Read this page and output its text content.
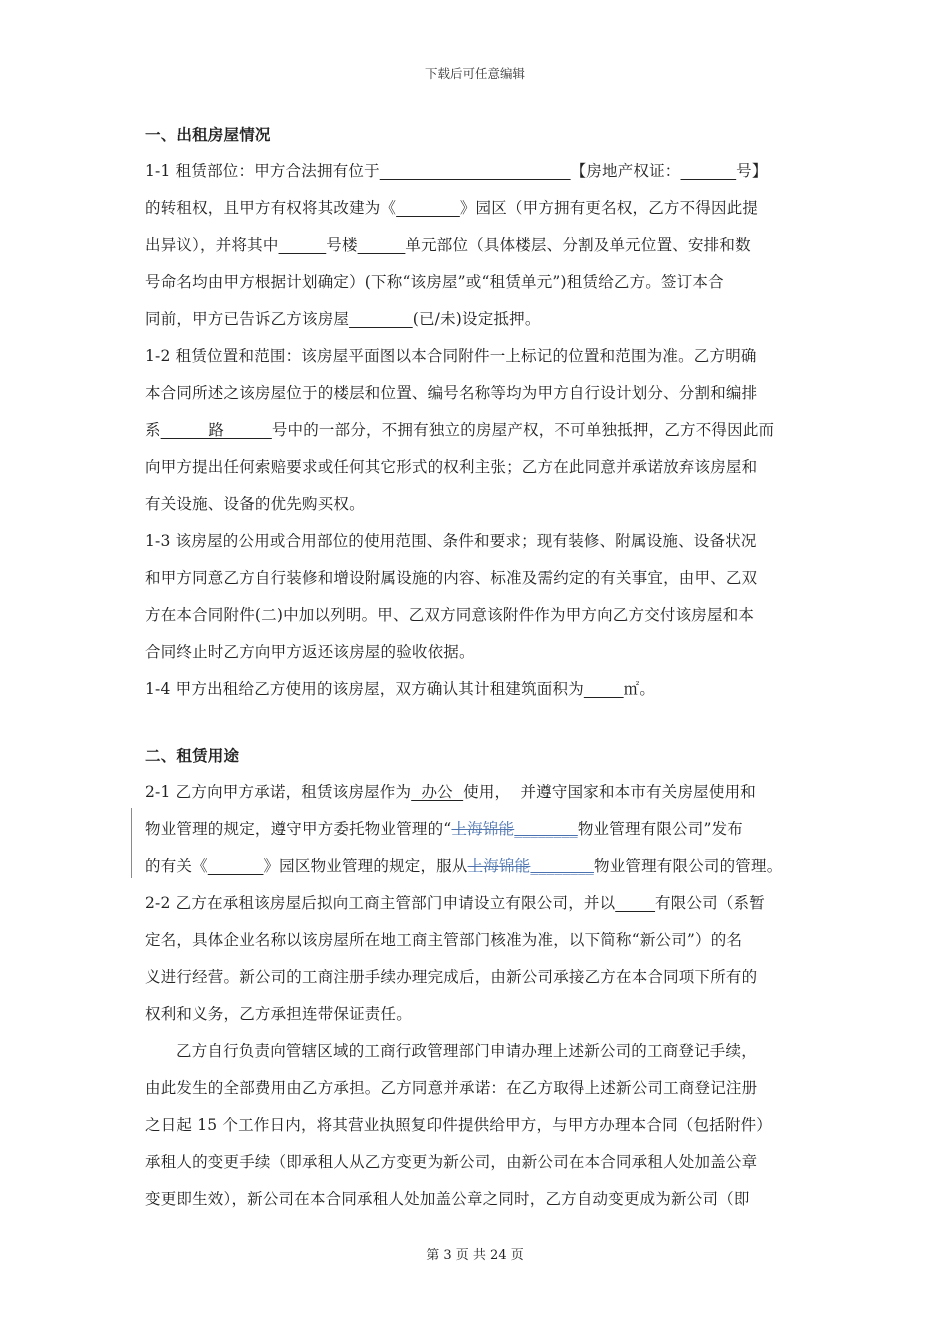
下载后可任意编辑
一、出租房屋情况
1-1 租赁部位：甲方合法拥有位于________________________【房地产权证：_______号】
的转租权，且甲方有权将其改建为《________》园区（甲方拥有更名权，乙方不得因此提
出异议），并将其中______号楼______单元部位（具体楼层、分割及单元位置、安排和数
号命名均由甲方根据计划确定）(下称“该房屋”或“租赁单元”)租赁给乙方。签订本合
同前，甲方已告诉乙方该房屋________(已/未)设定抵押。
1-2 租赁位置和范围：该房屋平面图以本合同附件一上标记的位置和范围为准。乙方明确
本合同所述之该房屋位于的楼层和位置、编号名称等均为甲方自行设计划分、分割和编排
系______路______号中的一部分，不拥有独立的房屋产权，不可单独抵押，乙方不得因此而
向甲方提出任何索赔要求或任何其它形式的权利主张；乙方在此同意并承诺放弃该房屋和
有关设施、设备的优先购买权。
1-3 该房屋的公用或合用部位的使用范围、条件和要求；现有装修、附属设施、设备状况
和甲方同意乙方自行装修和增设附属设施的内容、标准及需约定的有关事宜，由甲、乙双
方在本合同附件(二)中加以列明。甲、乙双方同意该附件作为甲方向乙方交付该房屋和本
合同终止时乙方向甲方返还该房屋的验收依据。
1-4 甲方出租给乙方使用的该房屋，双方确认其计租建筑面积为_____㎡。
二、租赁用途
2-1 乙方向甲方承诺，租赁该房屋作为  办公  使用，  并遵守国家和本市有关房屋使用和
物业管理的规定，遵守甲方委托物业管理的“上海锦能________物业管理有限公司”发布
的有关《_______》园区物业管理的规定，服从上海锦能________物业管理有限公司的管理。
2-2 乙方在承租该房屋后拟向工商主管部门申请设立有限公司，并以_____有限公司（系暂
定名，具体企业名称以该房屋所在地工商主管部门核准为准，以下简称“新公司”）的名
义进行经营。新公司的工商注册手续办理完成后，由新公司承接乙方在本合同项下所有的
权利和义务，乙方承担连带保证责任。
乙方自行负责向管辖区域的工商行政管理部门申请办理上述新公司的工商登记手续，
由此发生的全部费用由乙方承担。乙方同意并承诺：在乙方取得上述新公司工商登记注册
之日起 15 个工作日内，将其营业执照复印件提供给甲方，与甲方办理本合同（包括附件）
承租人的变更手续（即承租人从乙方变更为新公司，由新公司在本合同承租人处加盖公章
变更即生效），新公司在本合同承租人处加盖公章之同时，乙方自动变更成为新公司（即
第 3 页 共 24 页
